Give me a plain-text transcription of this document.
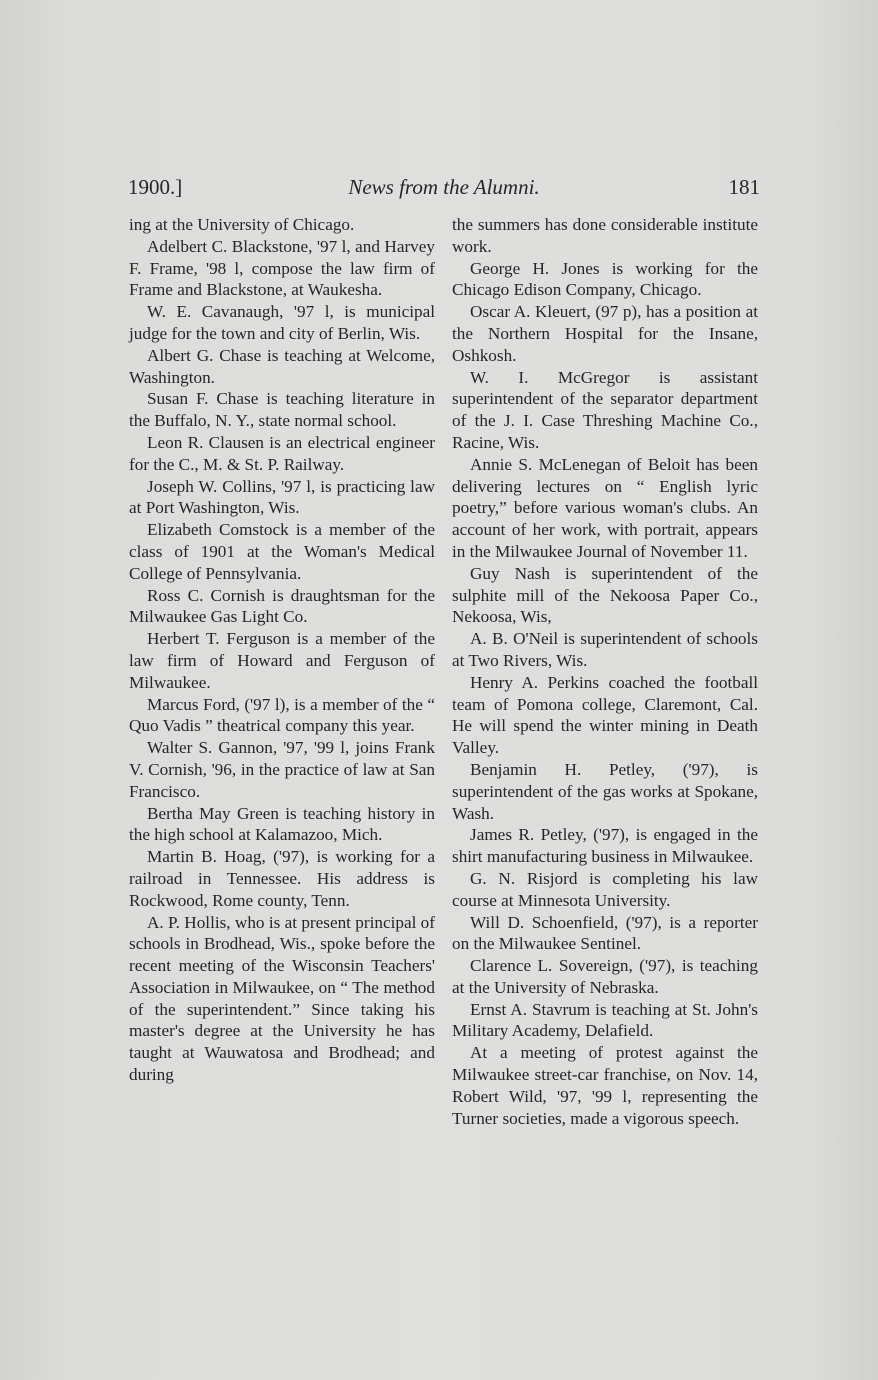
1900.]	News from the Alumni.	181

ing at the University of Chicago.

Adelbert C. Blackstone, '97 l, and Harvey F. Frame, '98 l, compose the law firm of Frame and Blackstone, at Waukesha.

W. E. Cavanaugh, '97 l, is municipal judge for the town and city of Berlin, Wis.

Albert G. Chase is teaching at Welcome, Washington.

Susan F. Chase is teaching literature in the Buffalo, N. Y., state normal school.

Leon R. Clausen is an electrical engineer for the C., M. & St. P. Railway.

Joseph W. Collins, '97 l, is practicing law at Port Washington, Wis.

Elizabeth Comstock is a member of the class of 1901 at the Woman's Medical College of Pennsylvania.

Ross C. Cornish is draughtsman for the Milwaukee Gas Light Co.

Herbert T. Ferguson is a member of the law firm of Howard and Ferguson of Milwaukee.

Marcus Ford, ('97 l), is a member of the “ Quo Vadis ” theatrical company this year.

Walter S. Gannon, '97, '99 l, joins Frank V. Cornish, '96, in the practice of law at San Francisco.

Bertha May Green is teaching history in the high school at Kalamazoo, Mich.

Martin B. Hoag, ('97), is working for a railroad in Tennessee. His address is Rockwood, Rome county, Tenn.

A. P. Hollis, who is at present principal of schools in Brodhead, Wis., spoke before the recent meeting of the Wisconsin Teachers' Association in Milwaukee, on “ The method of the superintendent.” Since taking his master's degree at the University he has taught at Wauwatosa and Brodhead; and during

the summers has done considerable institute work.

George H. Jones is working for the Chicago Edison Company, Chicago.

Oscar A. Kleuert, (97 p), has a position at the Northern Hospital for the Insane, Oshkosh.

W. I. McGregor is assistant superintendent of the separator department of the J. I. Case Threshing Machine Co., Racine, Wis.

Annie S. McLenegan of Beloit has been delivering lectures on “ English lyric poetry,” before various woman's clubs. An account of her work, with portrait, appears in the Milwaukee Journal of November 11.

Guy Nash is superintendent of the sulphite mill of the Nekoosa Paper Co., Nekoosa, Wis,

A. B. O'Neil is superintendent of schools at Two Rivers, Wis.

Henry A. Perkins coached the football team of Pomona college, Claremont, Cal. He will spend the winter mining in Death Valley.

Benjamin H. Petley, ('97), is superintendent of the gas works at Spokane, Wash.

James R. Petley, ('97), is engaged in the shirt manufacturing business in Milwaukee.

G. N. Risjord is completing his law course at Minnesota University.

Will D. Schoenfield, ('97), is a reporter on the Milwaukee Sentinel.

Clarence L. Sovereign, ('97), is teaching at the University of Nebraska.

Ernst A. Stavrum is teaching at St. John's Military Academy, Delafield.

At a meeting of protest against the Milwaukee street-car franchise, on Nov. 14, Robert Wild, '97, '99 l, representing the Turner societies, made a vigorous speech.
